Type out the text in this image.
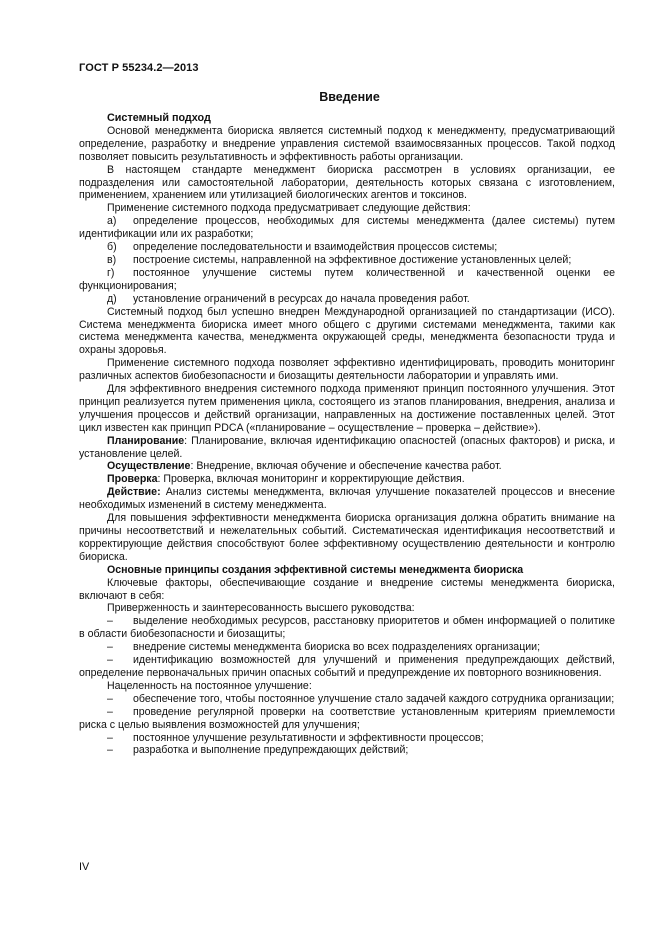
ГОСТ Р 55234.2—2013
Введение

Системный подход

Основой менеджмента биориска является системный подход к менеджменту, предусматривающий определение, разработку и внедрение управления системой взаимосвязанных процессов. Такой подход позволяет повысить результативность и эффективность работы организации.

В настоящем стандарте менеджмент биориска рассмотрен в условиях организации, ее подразделения или самостоятельной лаборатории, деятельность которых связана с изготовлением, применением, хранением или утилизацией биологических агентов и токсинов.

Применение системного подхода предусматривает следующие действия:

а) определение процессов, необходимых для системы менеджмента (далее системы) путем идентификации или их разработки;

б) определение последовательности и взаимодействия процессов системы;

в) построение системы, направленной на эффективное достижение установленных целей;

г) постоянное улучшение системы путем количественной и качественной оценки ее функционирования;

д) установление ограничений в ресурсах до начала проведения работ.

Системный подход был успешно внедрен Международной организацией по стандартизации (ИСО). Система менеджмента биориска имеет много общего с другими системами менеджмента, такими как система менеджмента качества, менеджмента окружающей среды, менеджмента безопасности труда и охраны здоровья.

Применение системного подхода позволяет эффективно идентифицировать, проводить мониторинг различных аспектов биобезопасности и биозащиты деятельности лаборатории и управлять ими.

Для эффективного внедрения системного подхода применяют принцип постоянного улучшения. Этот принцип реализуется путем применения цикла, состоящего из этапов планирования, внедрения, анализа и улучшения процессов и действий организации, направленных на достижение поставленных целей. Этот цикл известен как принцип PDCA («планирование – осуществление – проверка – действие»).

Планирование: Планирование, включая идентификацию опасностей (опасных факторов) и риска, и установление целей.

Осуществление: Внедрение, включая обучение и обеспечение качества работ.

Проверка: Проверка, включая мониторинг и корректирующие действия.

Действие: Анализ системы менеджмента, включая улучшение показателей процессов и внесение необходимых изменений в систему менеджмента.

Для повышения эффективности менеджмента биориска организация должна обратить внимание на причины несоответствий и нежелательных событий. Систематическая идентификация несоответствий и корректирующие действия способствуют более эффективному осуществлению деятельности и контролю биориска.

Основные принципы создания эффективной системы менеджмента биориска

Ключевые факторы, обеспечивающие создание и внедрение системы менеджмента биориска, включают в себя:

Приверженность и заинтересованность высшего руководства:

– выделение необходимых ресурсов, расстановку приоритетов и обмен информацией о политике в области биобезопасности и биозащиты;

– внедрение системы менеджмента биориска во всех подразделениях организации;

– идентификацию возможностей для улучшений и применения предупреждающих действий, определение первоначальных причин опасных событий и предупреждение их повторного возникновения.

Нацеленность на постоянное улучшение:

– обеспечение того, чтобы постоянное улучшение стало задачей каждого сотрудника организации;

– проведение регулярной проверки на соответствие установленным критериям приемлемости риска с целью выявления возможностей для улучшения;

– постоянное улучшение результативности и эффективности процессов;

– разработка и выполнение предупреждающих действий;

IV
